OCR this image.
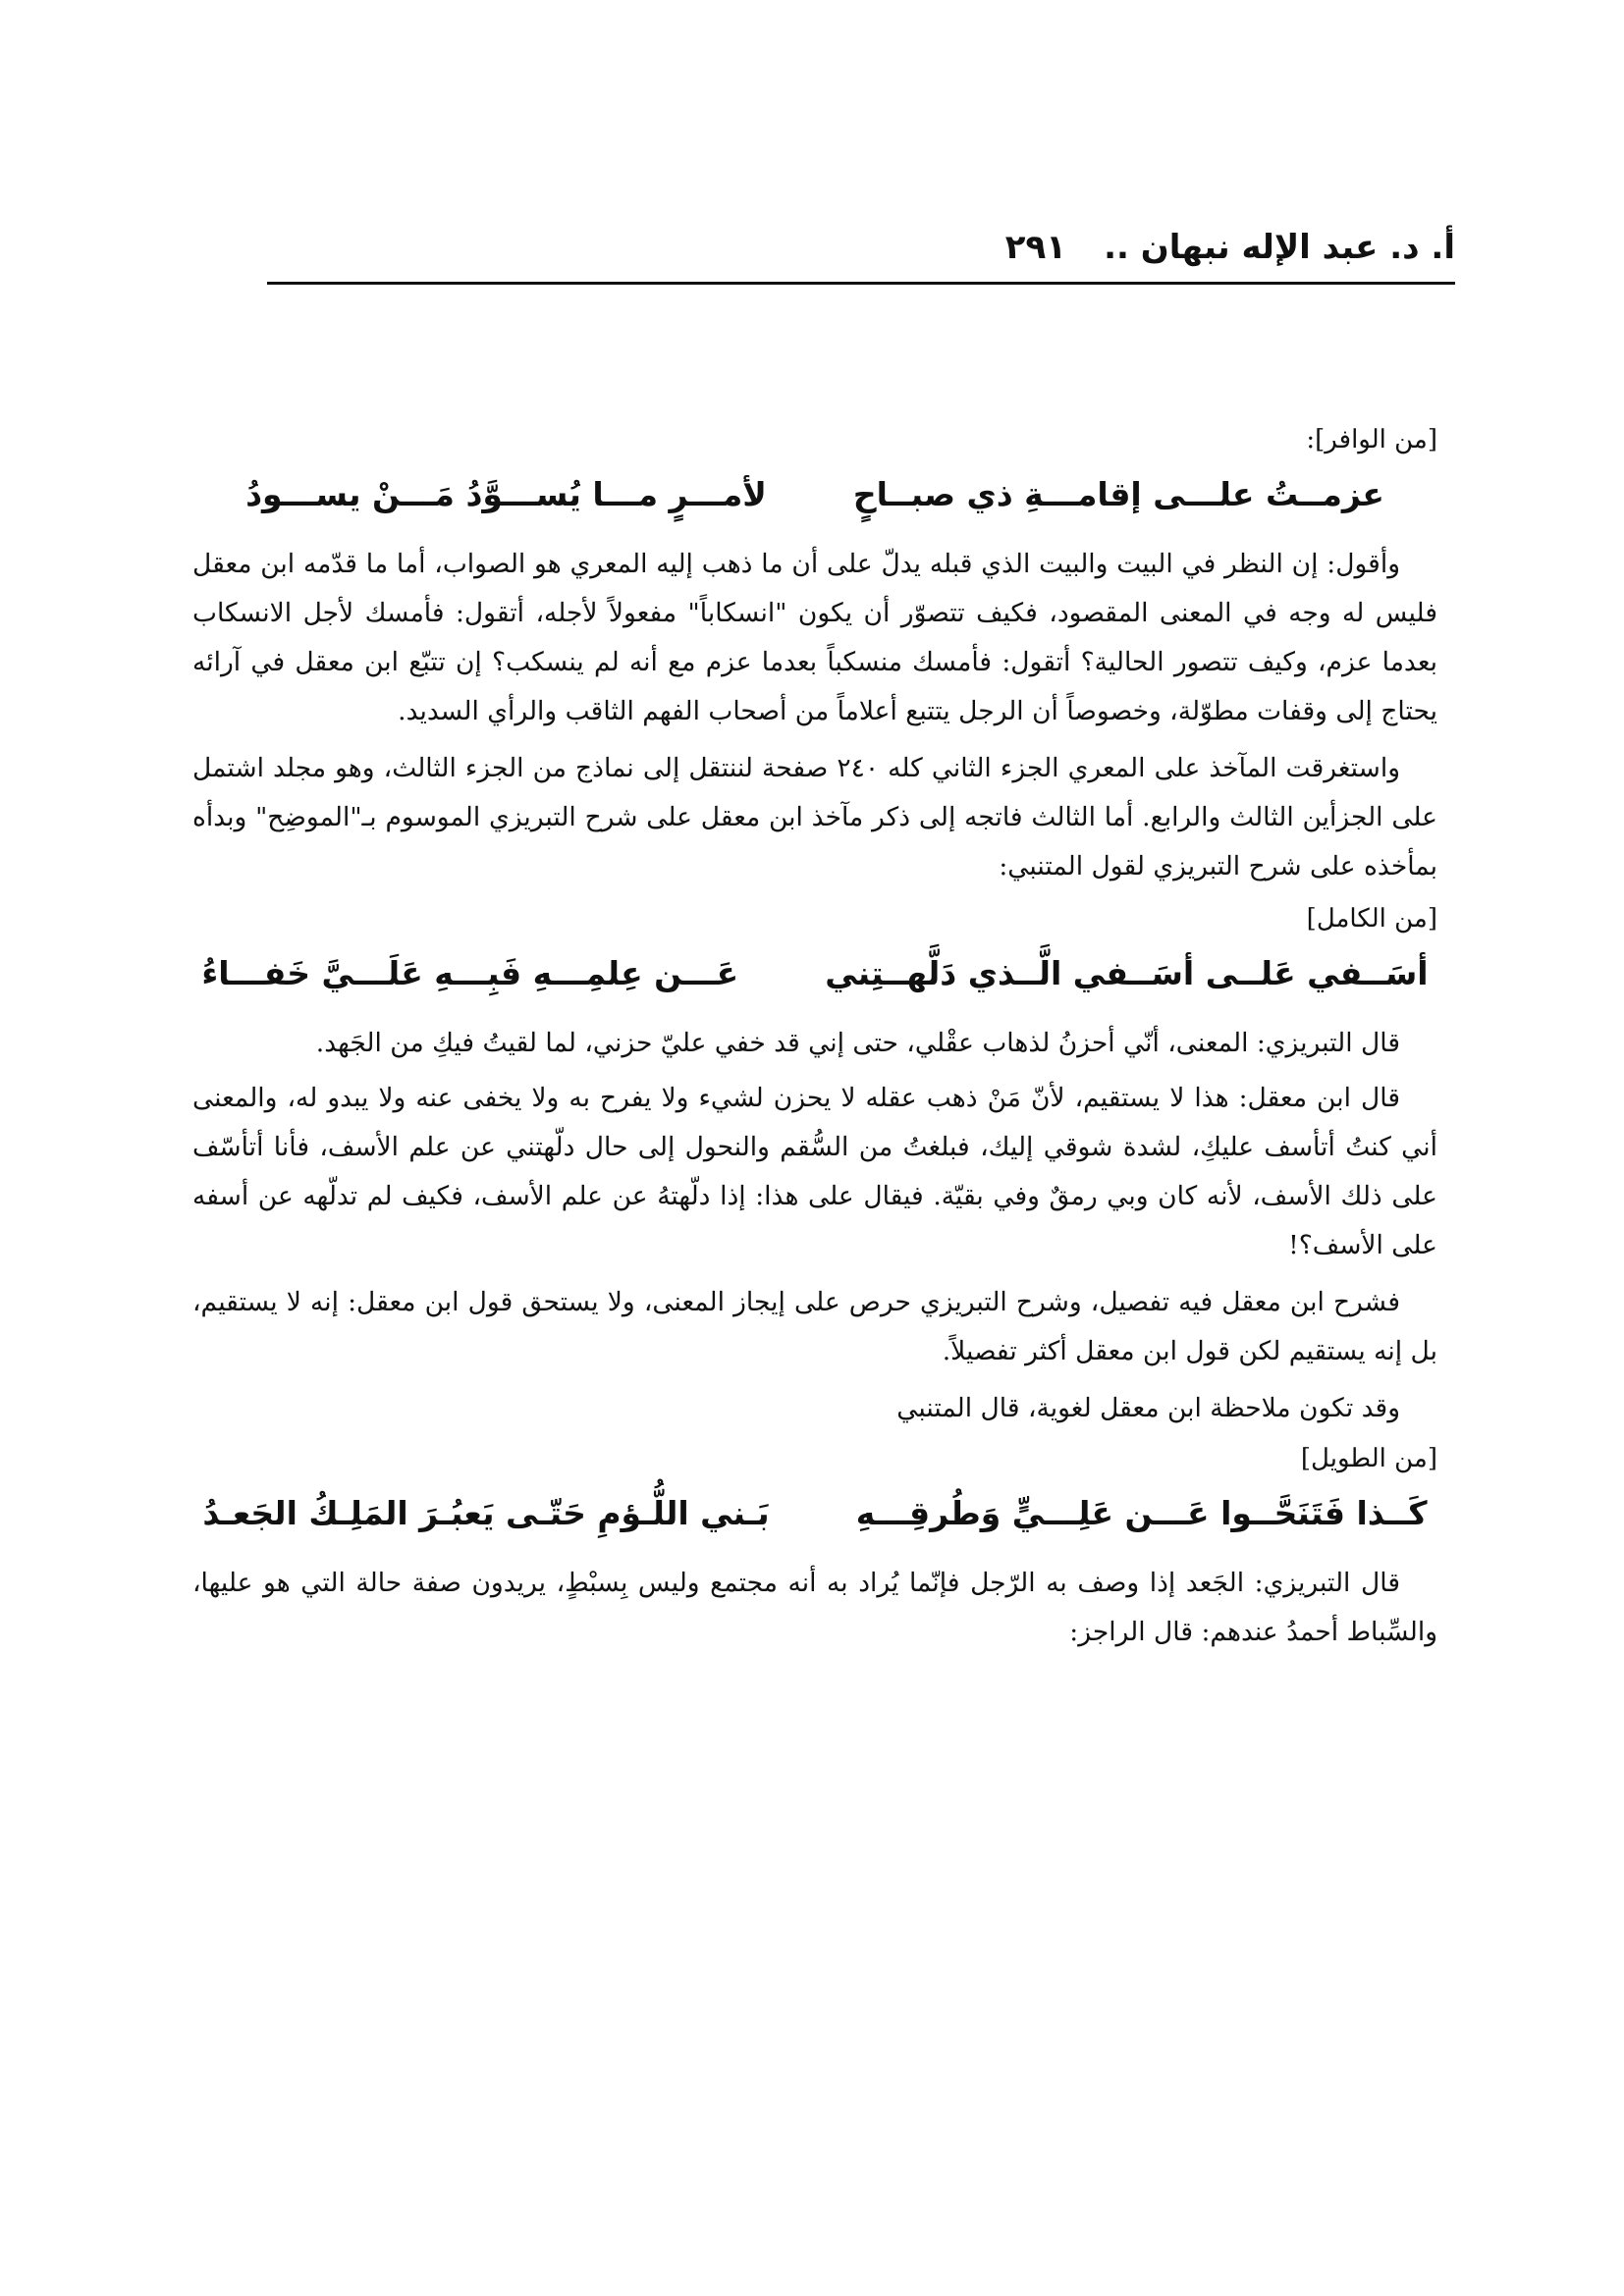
أ. د. عبد الإله نبهان ..
٢٩١
[من الوافر]:
عزمــتُ علـــى إقامـــةِ ذي صبــاحٍ
لأمـــرٍ مـــا يُســـوَّدُ مَـــنْ يســـودُ

وأقول: إن النظر في البيت والبيت الذي قبله يدلّ على أن ما ذهب إليه المعري هو الصواب، أما ما قدّمه ابن معقل فليس له وجه في المعنى المقصود، فكيف تتصوّر أن يكون "انسكاباً" مفعولاً لأجله، أتقول: فأمسك لأجل الانسكاب بعدما عزم، وكيف تتصور الحالية؟ أتقول: فأمسك منسكباً بعدما عزم مع أنه لم ينسكب؟ إن تتبّع ابن معقل في آرائه يحتاج إلى وقفات مطوّلة، وخصوصاً أن الرجل يتتبع أعلاماً من أصحاب الفهم الثاقب والرأي السديد.

واستغرقت المآخذ على المعري الجزء الثاني كله ٢٤٠ صفحة لننتقل إلى نماذج من الجزء الثالث، وهو مجلد اشتمل على الجزأين الثالث والرابع. أما الثالث فاتجه إلى ذكر مآخذ ابن معقل على شرح التبريزي الموسوم بـ"الموضِح" وبدأه بمأخذه على شرح التبريزي لقول المتنبي:

[من الكامل]
أسَــفي عَلــى أسَــفي الَّــذي دَلَّهــتِني
عَـــن عِلمِـــهِ فَبِـــهِ عَلَـــيَّ خَفـــاءُ

قال التبريزي: المعنى، أنّي أحزنُ لذهاب عقْلي، حتى إني قد خفي عليّ حزني، لما لقيتُ فيكِ من الجَهد.

قال ابن معقل: هذا لا يستقيم، لأنّ مَنْ ذهب عقله لا يحزن لشيء ولا يفرح به ولا يخفى عنه ولا يبدو له، والمعنى أني كنتُ أتأسف عليكِ، لشدة شوقي إليك، فبلغتُ من السُّقم والنحول إلى حال دلّهتني عن علم الأسف، فأنا أتأسّف على ذلك الأسف، لأنه كان وبي رمقٌ وفي بقيّة. فيقال على هذا: إذا دلّهتهُ عن علم الأسف، فكيف لم تدلّهه عن أسفه على الأسف؟!

فشرح ابن معقل فيه تفصيل، وشرح التبريزي حرص على إيجاز المعنى، ولا يستحق قول ابن معقل: إنه لا يستقيم، بل إنه يستقيم لكن قول ابن معقل أكثر تفصيلاً.

وقد تكون ملاحظة ابن معقل لغوية، قال المتنبي

[من الطويل]
كَــذا فَتَنَحَّــوا عَـــن عَلِـــيٍّ وَطُرقِـــهِ
بَـني اللُّـؤمِ حَتّـى يَعبُـرَ المَلِـكُ الجَعـدُ

قال التبريزي: الجَعد إذا وصف به الرّجل فإنّما يُراد به أنه مجتمع وليس بِسبْطٍ، يريدون صفة حالة التي هو عليها، والسِّباط أحمدُ عندهم: قال الراجز:
